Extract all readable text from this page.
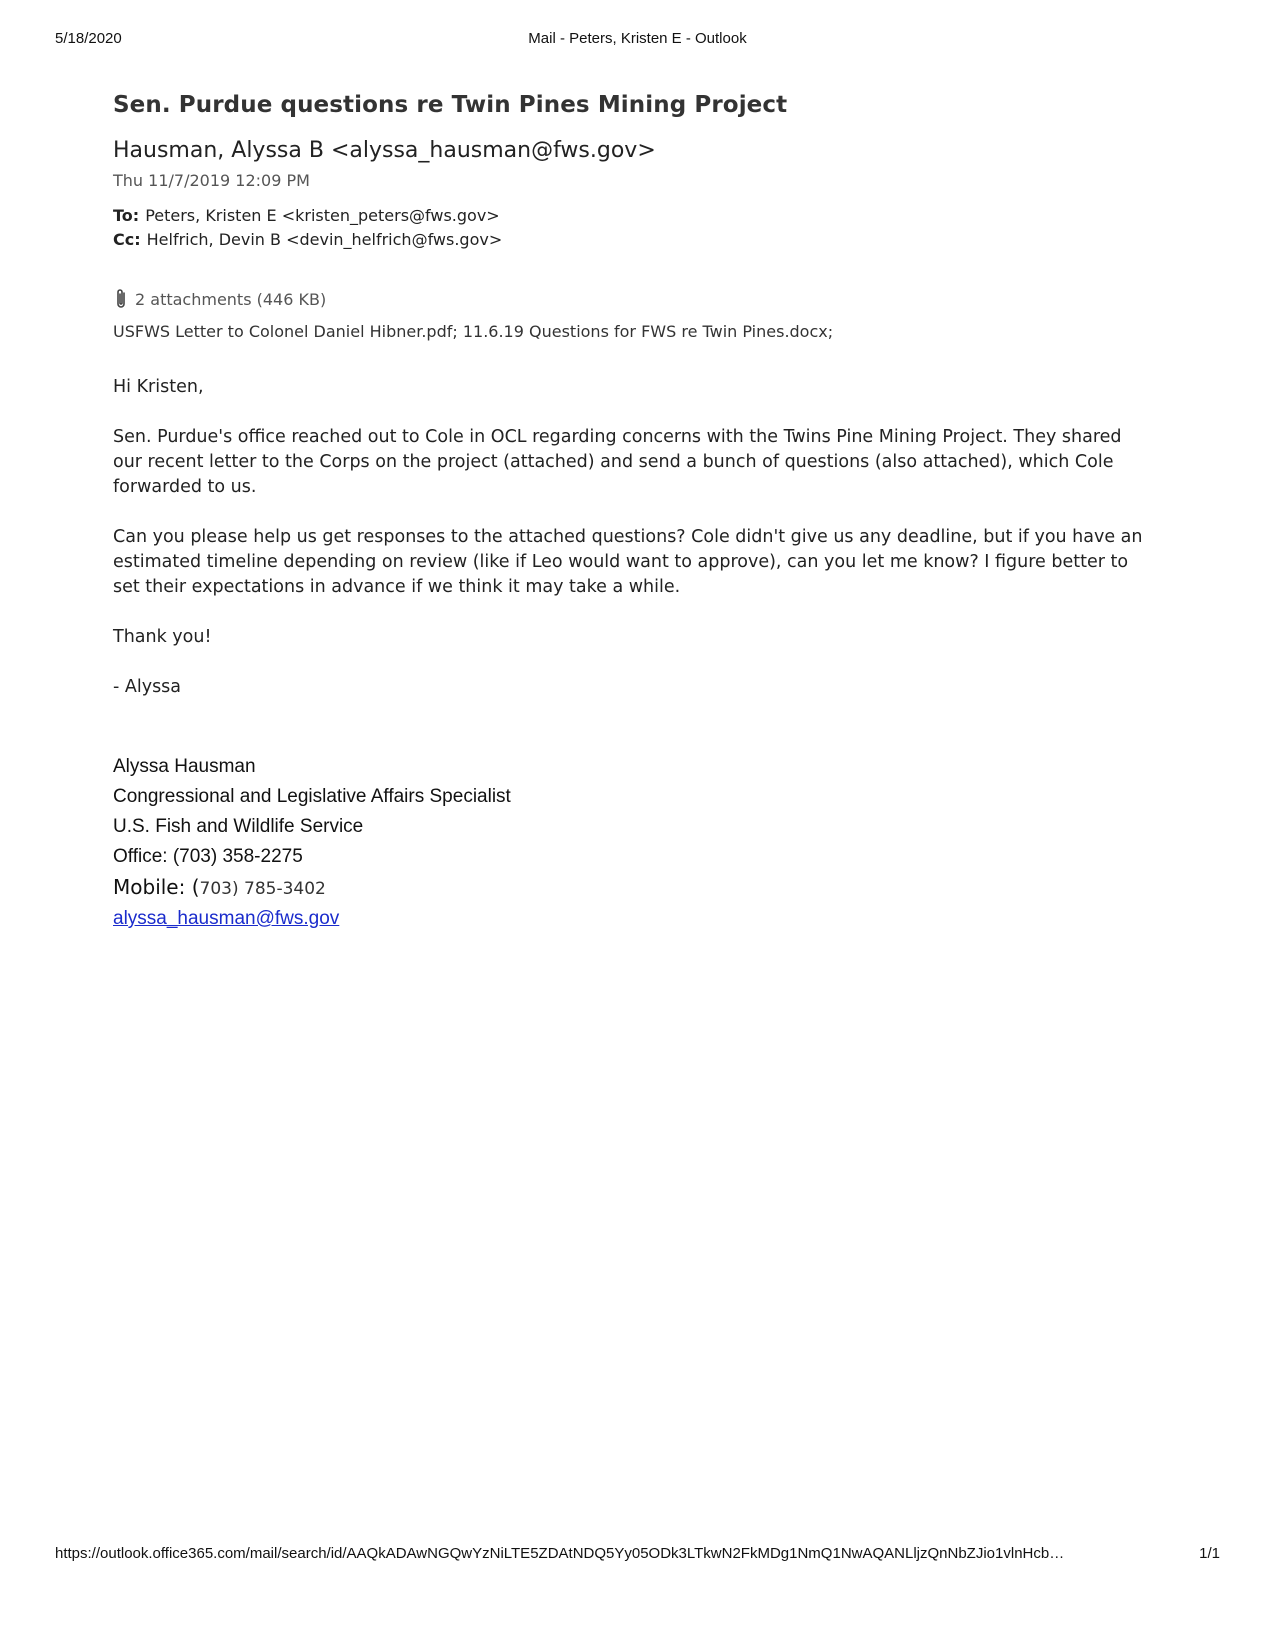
5/18/2020	Mail - Peters, Kristen E - Outlook
Sen. Purdue questions re Twin Pines Mining Project
Hausman, Alyssa B <alyssa_hausman@fws.gov>
Thu 11/7/2019 12:09 PM
To: Peters, Kristen E <kristen_peters@fws.gov>
Cc: Helfrich, Devin B <devin_helfrich@fws.gov>
2 attachments (446 KB)
USFWS Letter to Colonel Daniel Hibner.pdf; 11.6.19 Questions for FWS re Twin Pines.docx;

Hi Kristen,

Sen. Purdue's office reached out to Cole in OCL regarding concerns with the Twins Pine Mining Project. They shared our recent letter to the Corps on the project (attached) and send a bunch of questions (also attached), which Cole forwarded to us.

Can you please help us get responses to the attached questions? Cole didn't give us any deadline, but if you have an estimated timeline depending on review (like if Leo would want to approve), can you let me know? I figure better to set their expectations in advance if we think it may take a while.

Thank you!

- Alyssa

Alyssa Hausman
Congressional and Legislative Affairs Specialist
U.S. Fish and Wildlife Service
Office: (703) 358-2275
Mobile: (703) 785-3402
alyssa_hausman@fws.gov
https://outlook.office365.com/mail/search/id/AAQkADAwNGQwYzNiLTE5ZDAtNDQ5Yy05ODk3LTkwN2FkMDg1NmQ1NwAQANLljzQnNbZJio1vlnHcb…	1/1
